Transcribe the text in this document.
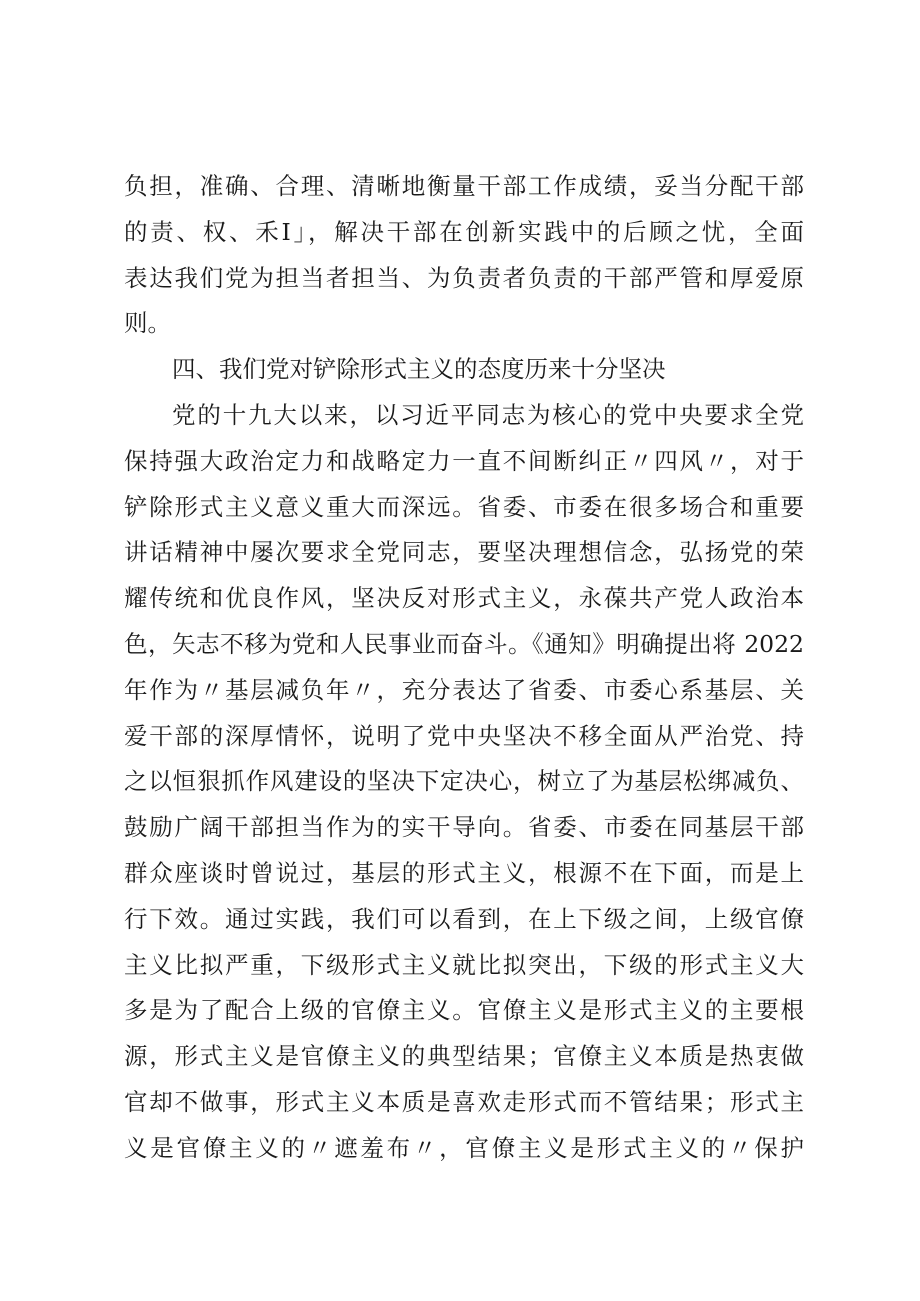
负担，准确、合理、清晰地衡量干部工作成绩，妥当分配干部
的责、权、禾I」，解决干部在创新实践中的后顾之忧，全面
表达我们党为担当者担当、为负责者负责的干部严管和厚爱原
则。
四、我们党对铲除形式主义的态度历来十分坚决
党的十九大以来，以习近平同志为核心的党中央要求全党
保持强大政治定力和战略定力一直不间断纠正〃四风〃，对于
铲除形式主义意义重大而深远。省委、市委在很多场合和重要
讲话精神中屡次要求全党同志，要坚决理想信念，弘扬党的荣
耀传统和优良作风，坚决反对形式主义，永葆共产党人政治本
色，矢志不移为党和人民事业而奋斗。《通知》明确提出将 2022
年作为〃基层减负年〃，充分表达了省委、市委心系基层、关
爱干部的深厚情怀，说明了党中央坚决不移全面从严治党、持
之以恒狠抓作风建设的坚决下定决心，树立了为基层松绑减负、
鼓励广阔干部担当作为的实干导向。省委、市委在同基层干部
群众座谈时曾说过，基层的形式主义，根源不在下面，而是上
行下效。通过实践，我们可以看到，在上下级之间，上级官僚
主义比拟严重，下级形式主义就比拟突出，下级的形式主义大
多是为了配合上级的官僚主义。官僚主义是形式主义的主要根
源，形式主义是官僚主义的典型结果；官僚主义本质是热衷做
官却不做事，形式主义本质是喜欢走形式而不管结果；形式主
义是官僚主义的〃遮羞布〃，官僚主义是形式主义的〃保护
